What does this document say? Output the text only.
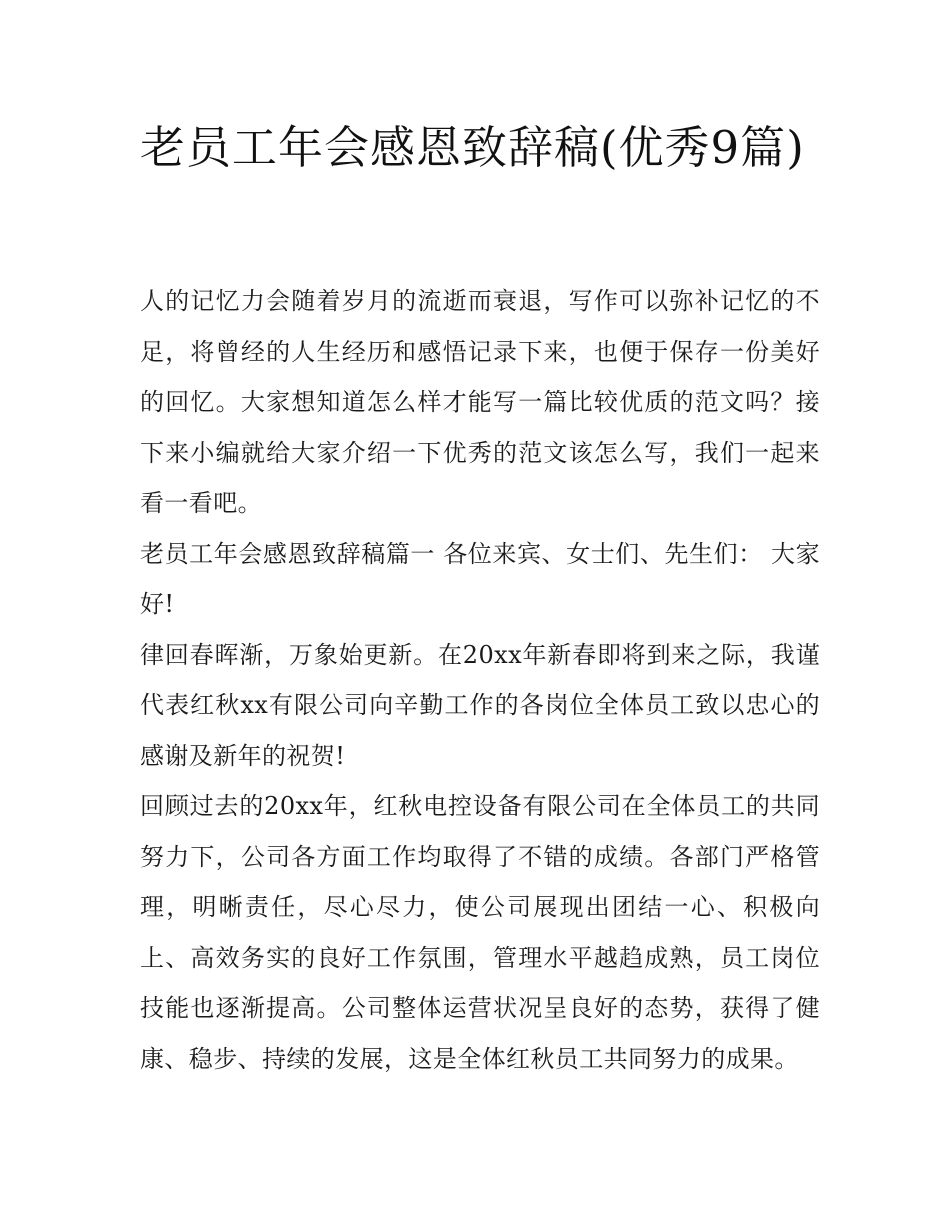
老员工年会感恩致辞稿(优秀9篇)

人的记忆力会随着岁月的流逝而衰退，写作可以弥补记忆的不足，将曾经的人生经历和感悟记录下来，也便于保存一份美好的回忆。大家想知道怎么样才能写一篇比较优质的范文吗？接下来小编就给大家介绍一下优秀的范文该怎么写，我们一起来看一看吧。

老员工年会感恩致辞稿篇一 各位来宾、女士们、先生们： 大家好!

律回春晖渐，万象始更新。在20xx年新春即将到来之际，我谨代表红秋xx有限公司向辛勤工作的各岗位全体员工致以忠心的感谢及新年的祝贺!

回顾过去的20xx年，红秋电控设备有限公司在全体员工的共同努力下，公司各方面工作均取得了不错的成绩。各部门严格管理，明晰责任，尽心尽力，使公司展现出团结一心、积极向上、高效务实的良好工作氛围，管理水平越趋成熟，员工岗位技能也逐渐提高。公司整体运营状况呈良好的态势，获得了健康、稳步、持续的发展，这是全体红秋员工共同努力的成果。
